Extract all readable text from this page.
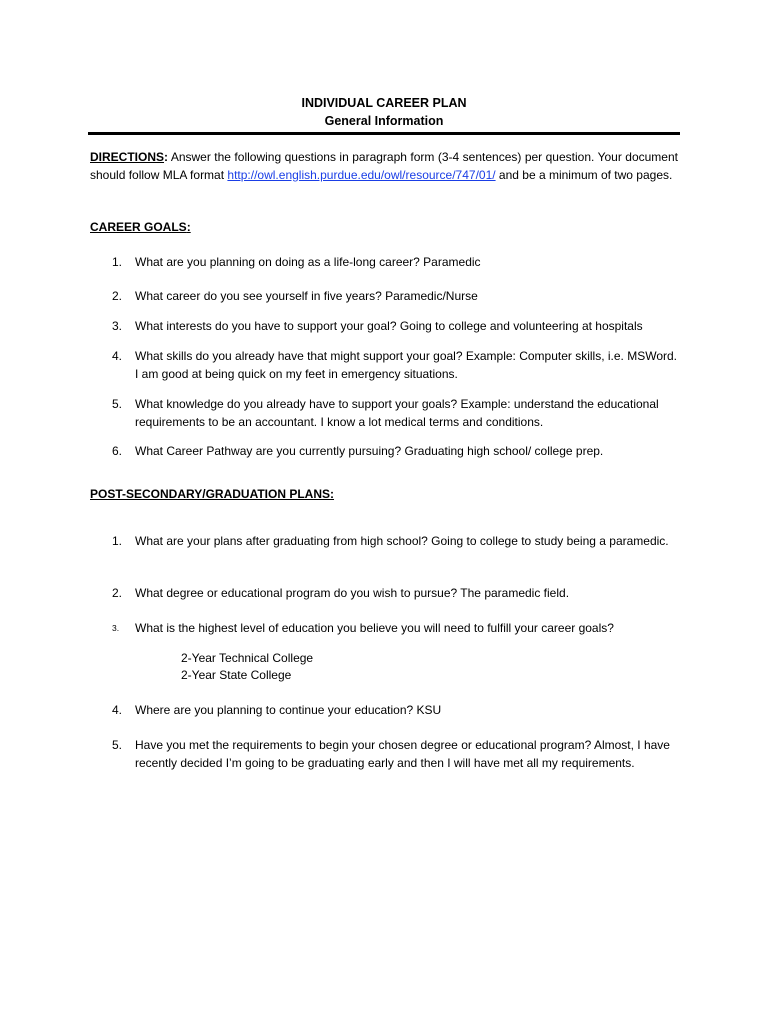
INDIVIDUAL CAREER PLAN
General Information
DIRECTIONS: Answer the following questions in paragraph form (3-4 sentences) per question. Your document should follow MLA format http://owl.english.purdue.edu/owl/resource/747/01/ and be a minimum of two pages.
CAREER GOALS:
1.	What are you planning on doing as a life-long career? Paramedic
2.	What career do you see yourself in five years? Paramedic/Nurse
3.	What interests do you have to support your goal? Going to college and volunteering at hospitals
4.	What skills do you already have that might support your goal? Example: Computer skills, i.e. MSWord. I am good at being quick on my feet in emergency situations.
5.	What knowledge do you already have to support your goals? Example: understand the educational requirements to be an accountant. I know a lot medical terms and conditions.
6.	What Career Pathway are you currently pursuing? Graduating high school/ college prep.
POST-SECONDARY/GRADUATION PLANS:
1.	What are your plans after graduating from high school? Going to college to study being a paramedic.
2.	What degree or educational program do you wish to pursue? The paramedic field.
3.	What is the highest level of education you believe you will need to fulfill your career goals?
2-Year Technical College
2-Year State College
4.	Where are you planning to continue your education? KSU
5.	Have you met the requirements to begin your chosen degree or educational program? Almost, I have recently decided I’m going to be graduating early and then I will have met all my requirements.
